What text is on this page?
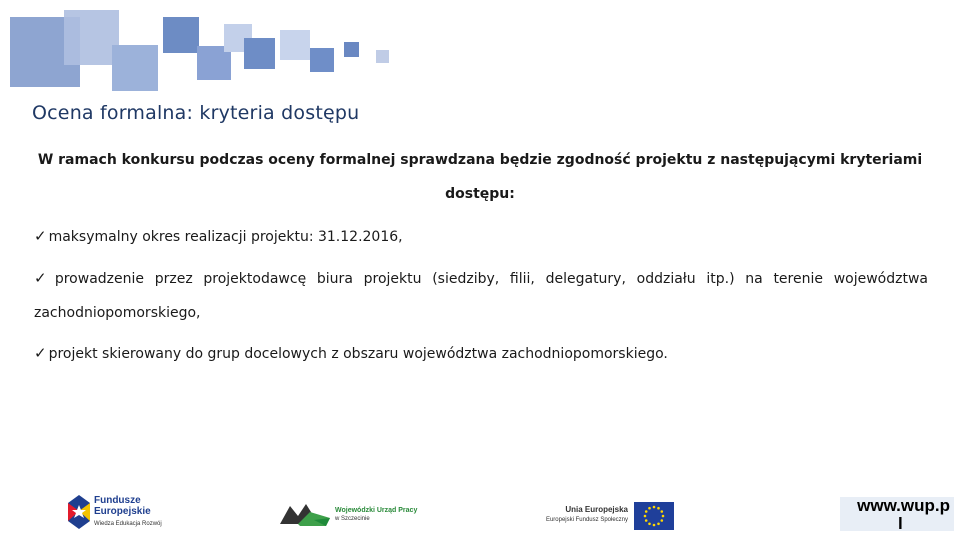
Ocena formalna: kryteria dostępu
W ramach konkursu podczas oceny formalnej sprawdzana będzie zgodność projektu z następującymi kryteriami
dostępu:
✓ maksymalny okres realizacji projektu: 31.12.2016,
✓ prowadzenie przez projektodawcę biura projektu (siedziby, filii, delegatury, oddziału itp.) na terenie województwa
zachodniopomorskiego,
✓ projekt skierowany do grup docelowych z obszaru województwa zachodniopomorskiego.
Fundusze
Europejskie
Wiedza Edukacja Rozwój
Wojewódzki Urząd Pracy
w Szczecinie
Unia Europejska
Europejski Fundusz Społeczny
www.wup.p
l
